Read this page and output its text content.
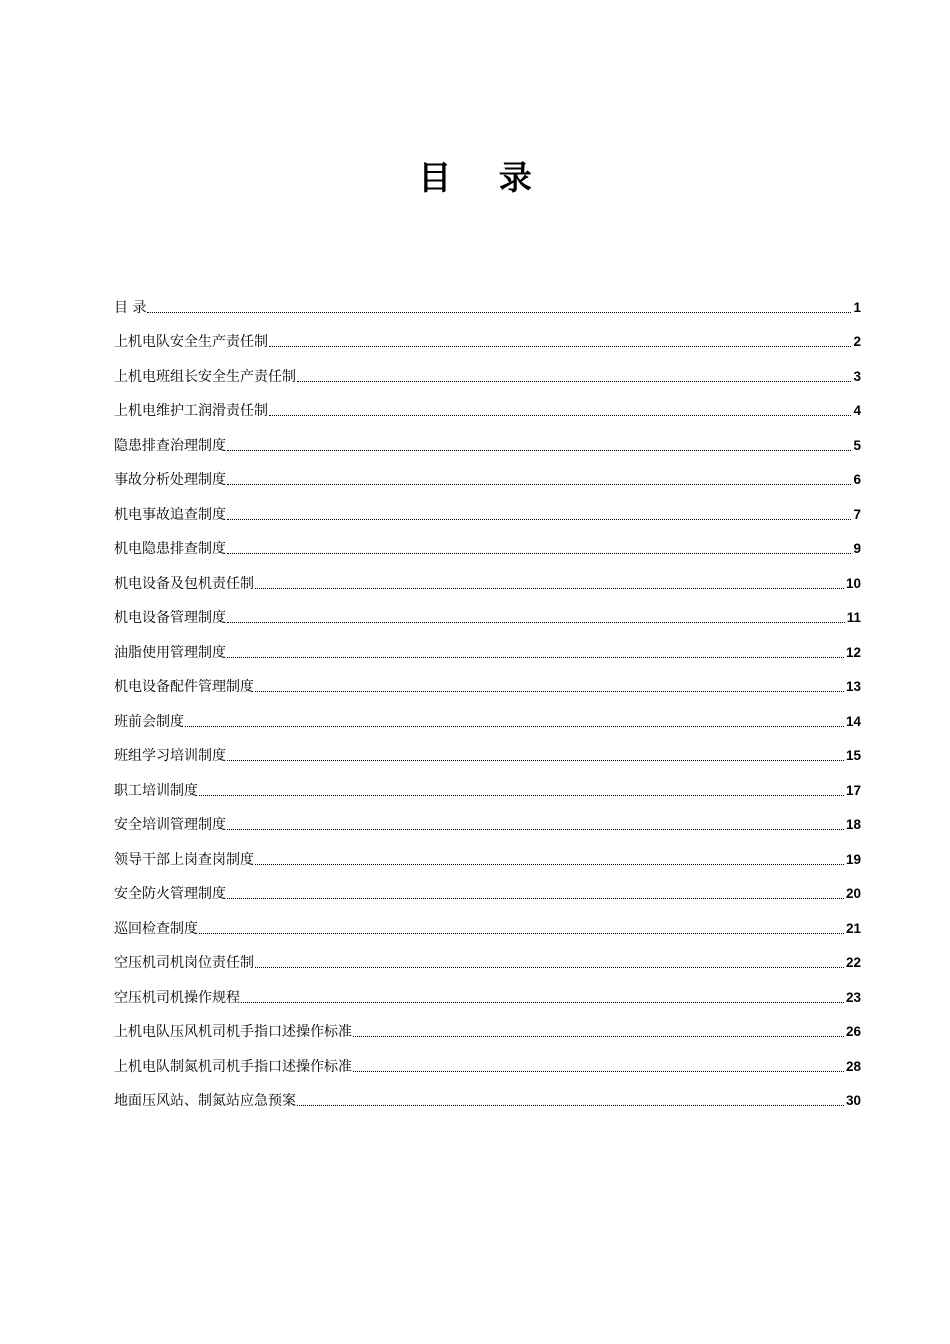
目 录
目 录	1
上机电队安全生产责任制	2
上机电班组长安全生产责任制	3
上机电维护工润滑责任制	4
隐患排查治理制度	5
事故分析处理制度	6
机电事故追查制度	7
机电隐患排查制度	9
机电设备及包机责任制	10
机电设备管理制度	11
油脂使用管理制度	12
机电设备配件管理制度	13
班前会制度	14
班组学习培训制度	15
职工培训制度	17
安全培训管理制度	18
领导干部上岗查岗制度	19
安全防火管理制度	20
巡回检查制度	21
空压机司机岗位责任制	22
空压机司机操作规程	23
上机电队压风机司机手指口述操作标准	26
上机电队制氮机司机手指口述操作标准	28
地面压风站、制氮站应急预案	30
